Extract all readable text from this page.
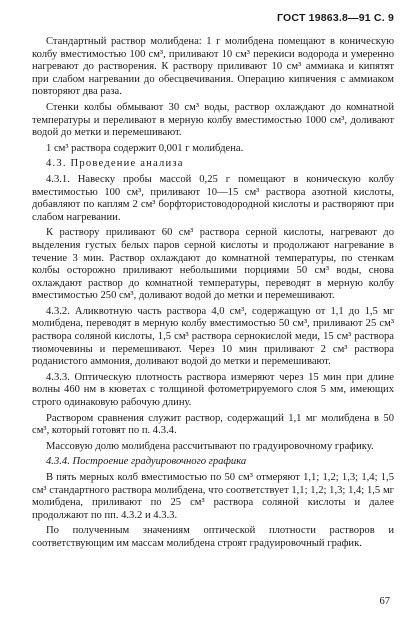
ГОСТ 19863.8—91 С. 9

Стандартный раствор молибдена: 1 г молибдена помещают в коническую колбу вместимостью 100 см³, приливают 10 см³ перекиси водорода и умеренно нагревают до растворения. К раствору приливают 10 см³ аммиака и кипятят при слабом нагревании до обесцвечивания. Операцию кипячения с аммиаком повторяют два раза.

Стенки колбы обмывают 30 см³ воды, раствор охлаждают до комнатной температуры и переливают в мерную колбу вместимостью 1000 см³, доливают водой до метки и перемешивают.

1 см³ раствора содержит 0,001 г молибдена.

4.3. Проведение анализа

4.3.1. Навеску пробы массой 0,25 г помещают в коническую колбу вместимостью 100 см³, приливают 10—15 см³ раствора азотной кислоты, добавляют по каплям 2 см³ борфтористоводородной кислоты и растворяют при слабом нагревании.

К раствору приливают 60 см³ раствора серной кислоты, нагревают до выделения густых белых паров серной кислоты и продолжают нагревание в течение 3 мин. Раствор охлаждают до комнатной температуры, по стенкам колбы осторожно приливают небольшими порциями 50 см³ воды, снова охлаждают раствор до комнатной температуры, переводят в мерную колбу вместимостью 250 см³, доливают водой до метки и перемешивают.

4.3.2. Аликвотную часть раствора 4,0 см³, содержащую от 1,1 до 1,5 мг молибдена, переводят в мерную колбу вместимостью 50 см³, приливают 25 см³ раствора соляной кислоты, 1,5 см³ раствора сернокислой меди, 15 см³ раствора тиомочевины и перемешивают. Через 10 мин приливают 2 см³ раствора роданистого аммония, доливают водой до метки и перемешивают.

4.3.3. Оптическую плотность раствора измеряют через 15 мин при длине волны 460 нм в кюветах с толщиной фотометрируемого слоя 5 мм, имеющих строго одинаковую рабочую длину.

Раствором сравнения служит раствор, содержащий 1,1 мг молибдена в 50 см³, который готовят по п. 4.3.4.

Массовую долю молибдена рассчитывают по градуировочному графику.

4.3.4. Построение градуировочного графика

В пять мерных колб вместимостью по 50 см³ отмеряют 1,1; 1,2; 1,3; 1,4; 1,5 см³ стандартного раствора молибдена, что соответствует 1,1; 1,2; 1,3; 1,4; 1,5 мг молибдена, приливают по 25 см³ раствора соляной кислоты и далее продолжают по пп. 4.3.2 и 4.3.3.

По полученным значениям оптической плотности растворов и соответствующим им массам молибдена строят градуировочный график.

67
